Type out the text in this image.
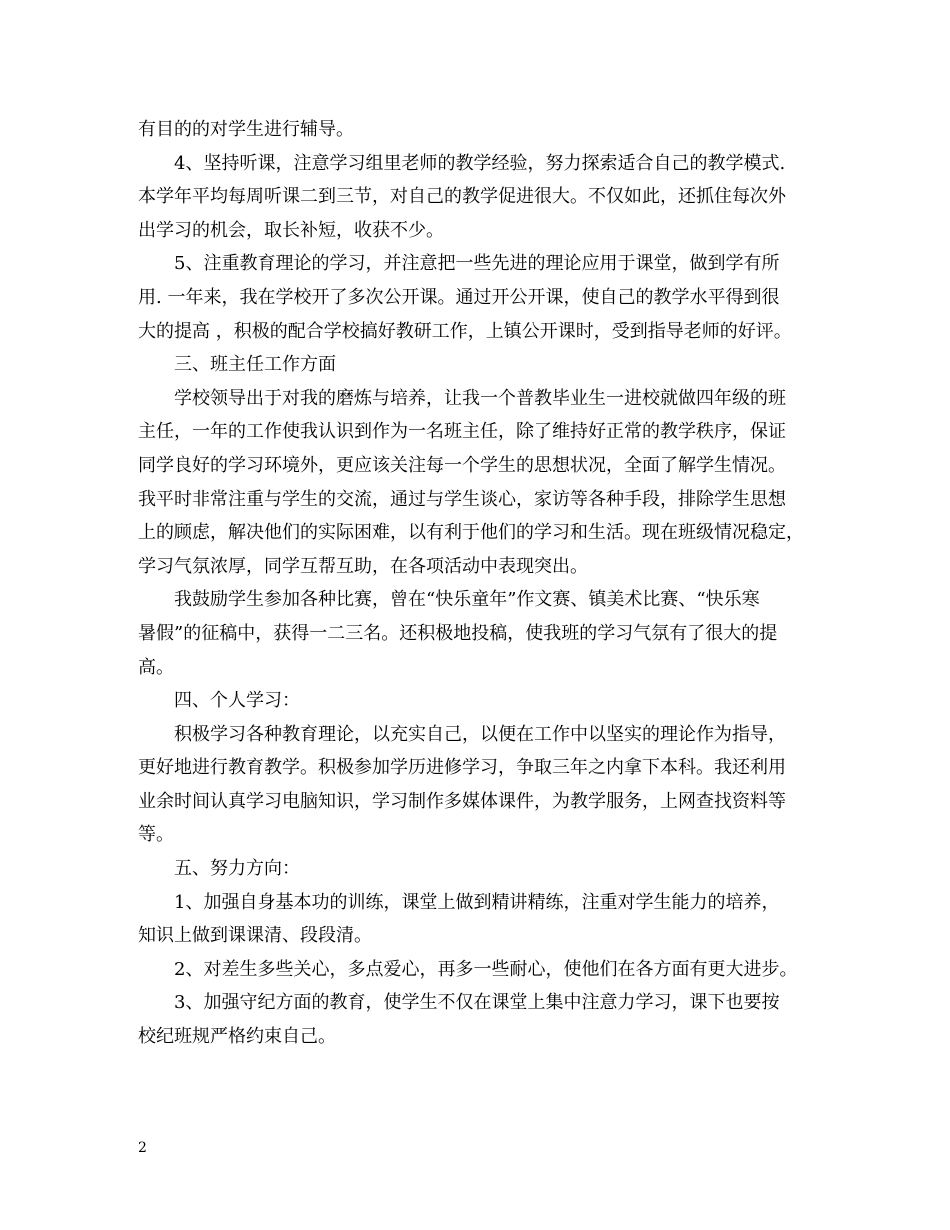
有目的的对学生进行辅导。
4、坚持听课，注意学习组里老师的教学经验，努力探索适合自己的教学模式.
本学年平均每周听课二到三节，对自己的教学促进很大。不仅如此，还抓住每次外
出学习的机会，取长补短，收获不少。
5、注重教育理论的学习，并注意把一些先进的理论应用于课堂，做到学有所
用. 一年来，我在学校开了多次公开课。通过开公开课，使自己的教学水平得到很
大的提高 ，积极的配合学校搞好教研工作，上镇公开课时，受到指导老师的好评。
三、班主任工作方面
学校领导出于对我的磨炼与培养，让我一个普教毕业生一进校就做四年级的班
主任，一年的工作使我认识到作为一名班主任，除了维持好正常的教学秩序，保证
同学良好的学习环境外，更应该关注每一个学生的思想状况，全面了解学生情况。
我平时非常注重与学生的交流，通过与学生谈心，家访等各种手段，排除学生思想
上的顾虑，解决他们的实际困难，以有利于他们的学习和生活。现在班级情况稳定，
学习气氛浓厚，同学互帮互助，在各项活动中表现突出。
我鼓励学生参加各种比赛，曾在“快乐童年”作文赛、镇美术比赛、“快乐寒
暑假”的征稿中，获得一二三名。还积极地投稿，使我班的学习气氛有了很大的提
高。
四、个人学习：
积极学习各种教育理论，以充实自己，以便在工作中以坚实的理论作为指导，
更好地进行教育教学。积极参加学历进修学习，争取三年之内拿下本科。我还利用
业余时间认真学习电脑知识，学习制作多媒体课件，为教学服务，上网查找资料等
等。
五、努力方向：
1、加强自身基本功的训练，课堂上做到精讲精练，注重对学生能力的培养，
知识上做到课课清、段段清。
2、对差生多些关心，多点爱心，再多一些耐心，使他们在各方面有更大进步。
3、加强守纪方面的教育，使学生不仅在课堂上集中注意力学习，课下也要按
校纪班规严格约束自己。
2
